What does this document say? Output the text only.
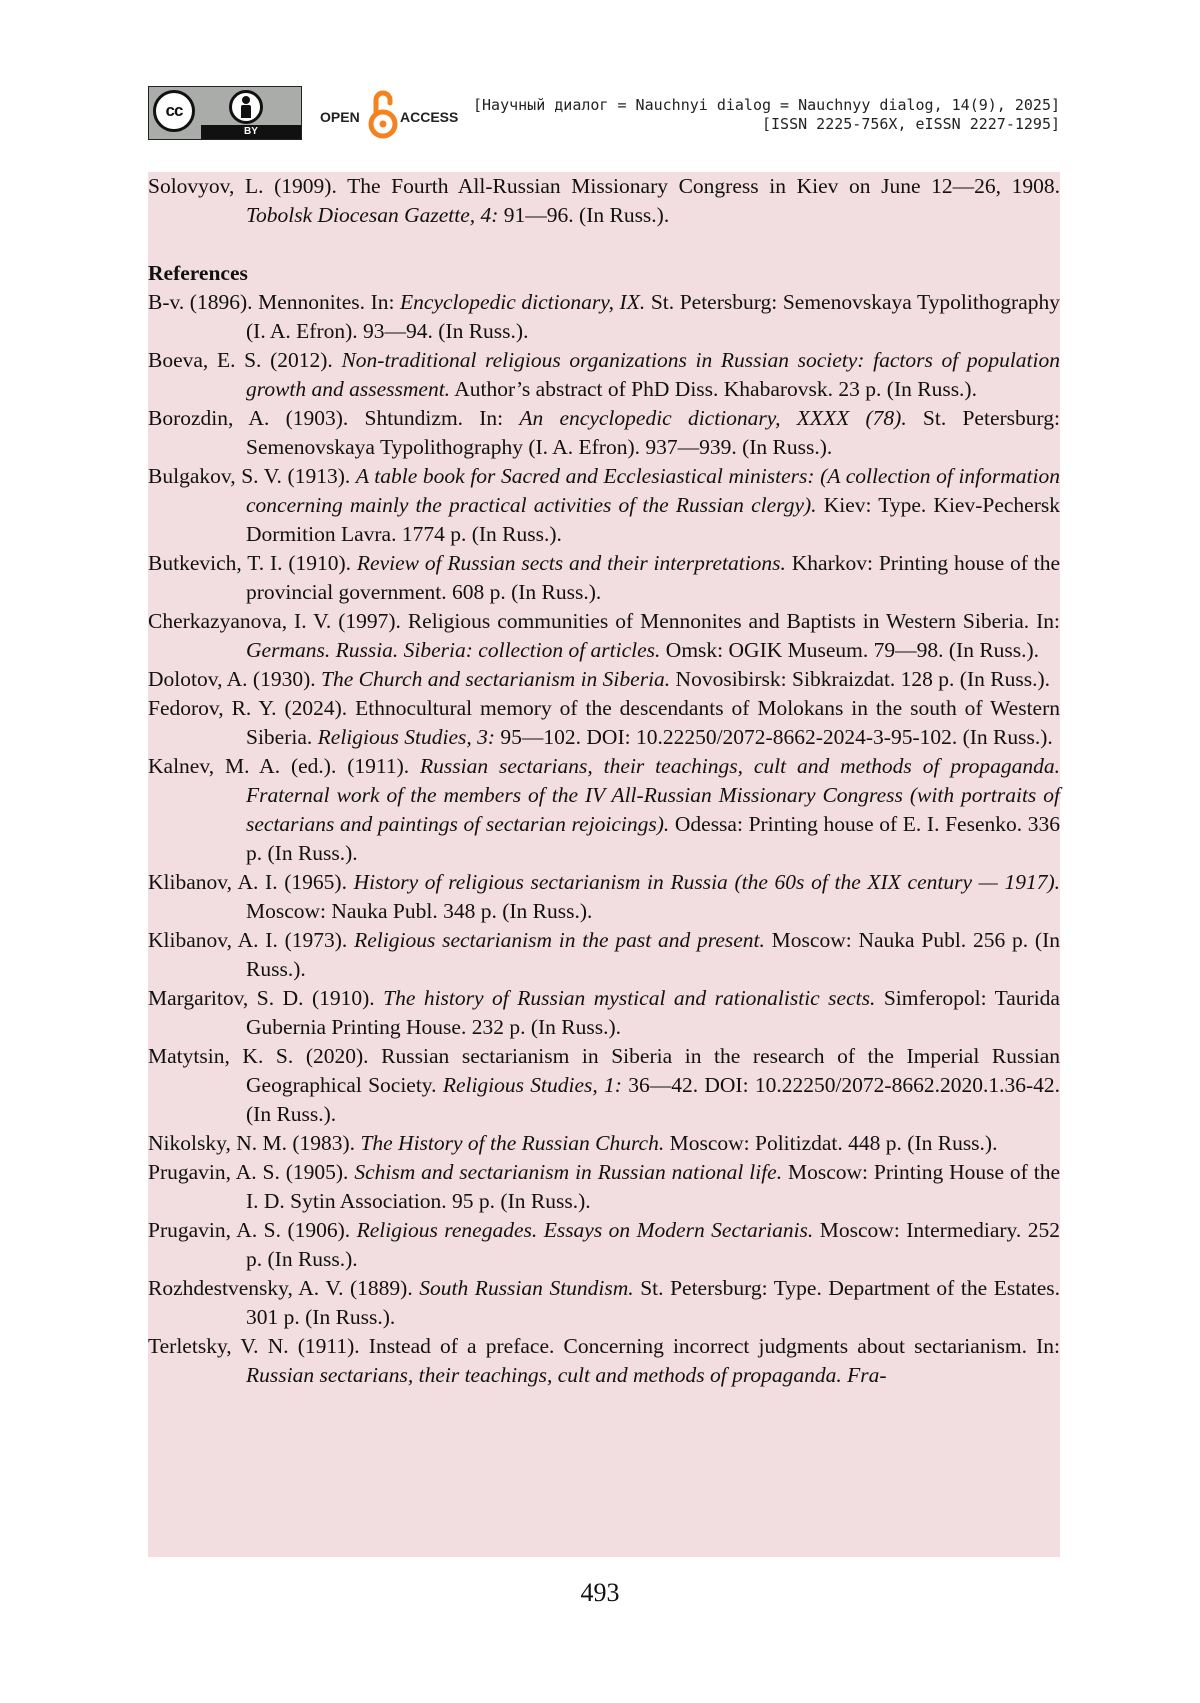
cc
BY
OPEN	ACCESS
[Научный диалог = Nauchnyi dialog = Nauchnyy dialog, 14(9), 2025]
[ISSN 2225-756X, eISSN 2227-1295]
Solovyov, L. (1909). The Fourth All-Russian Missionary Congress in Kiev on June 12—26, 1908. Tobolsk Diocesan Gazette, 4: 91—96. (In Russ.).
References
B-v. (1896). Mennonites. In: Encyclopedic dictionary, IX. St. Petersburg: Semenovskaya Typolithography (I. A. Efron). 93—94. (In Russ.).
Boeva, E. S. (2012). Non-traditional religious organizations in Russian society: factors of population growth and assessment. Author’s abstract of PhD Diss. Khabarovsk. 23 p. (In Russ.).
Borozdin, A. (1903). Shtundizm. In: An encyclopedic dictionary, XXXX (78). St. Petersburg: Semenovskaya Typolithography (I. A. Efron). 937—939. (In Russ.).
Bulgakov, S. V. (1913). A table book for Sacred and Ecclesiastical ministers: (A collection of information concerning mainly the practical activities of the Russian clergy). Kiev: Type. Kiev-Pechersk Dormition Lavra. 1774 p. (In Russ.).
Butkevich, T. I. (1910). Review of Russian sects and their interpretations. Kharkov: Printing house of the provincial government. 608 p. (In Russ.).
Cherkazyanova, I. V. (1997). Religious communities of Mennonites and Baptists in Western Siberia. In: Germans. Russia. Siberia: collection of articles. Omsk: OGIK Museum. 79—98. (In Russ.).
Dolotov, A. (1930). The Church and sectarianism in Siberia. Novosibirsk: Sibkraizdat. 128 p. (In Russ.).
Fedorov, R. Y. (2024). Ethnocultural memory of the descendants of Molokans in the south of Western Siberia. Religious Studies, 3: 95—102. DOI: 10.22250/2072-8662-2024-3-95-102. (In Russ.).
Kalnev, M. A. (ed.). (1911). Russian sectarians, their teachings, cult and methods of propaganda. Fraternal work of the members of the IV All-Russian Missionary Congress (with portraits of sectarians and paintings of sectarian rejoicings). Odessa: Printing house of E. I. Fesenko. 336 p. (In Russ.).
Klibanov, A. I. (1965). History of religious sectarianism in Russia (the 60s of the XIX century — 1917). Moscow: Nauka Publ. 348 p. (In Russ.).
Klibanov, A. I. (1973). Religious sectarianism in the past and present. Moscow: Nauka Publ. 256 p. (In Russ.).
Margaritov, S. D. (1910). The history of Russian mystical and rationalistic sects. Simferopol: Taurida Gubernia Printing House. 232 p. (In Russ.).
Matytsin, K. S. (2020). Russian sectarianism in Siberia in the research of the Imperial Russian Geographical Society. Religious Studies, 1: 36—42. DOI: 10.22250/2072-8662.2020.1.36-42. (In Russ.).
Nikolsky, N. M. (1983). The History of the Russian Church. Moscow: Politizdat. 448 p. (In Russ.).
Prugavin, A. S. (1905). Schism and sectarianism in Russian national life. Moscow: Printing House of the I. D. Sytin Association. 95 p. (In Russ.).
Prugavin, A. S. (1906). Religious renegades. Essays on Modern Sectarianis. Moscow: Intermediary. 252 p. (In Russ.).
Rozhdestvensky, A. V. (1889). South Russian Stundism. St. Petersburg: Type. Department of the Estates. 301 p. (In Russ.).
Terletsky, V. N. (1911). Instead of a preface. Concerning incorrect judgments about sectarianism. In: Russian sectarians, their teachings, cult and methods of propaganda. Fra-
493
